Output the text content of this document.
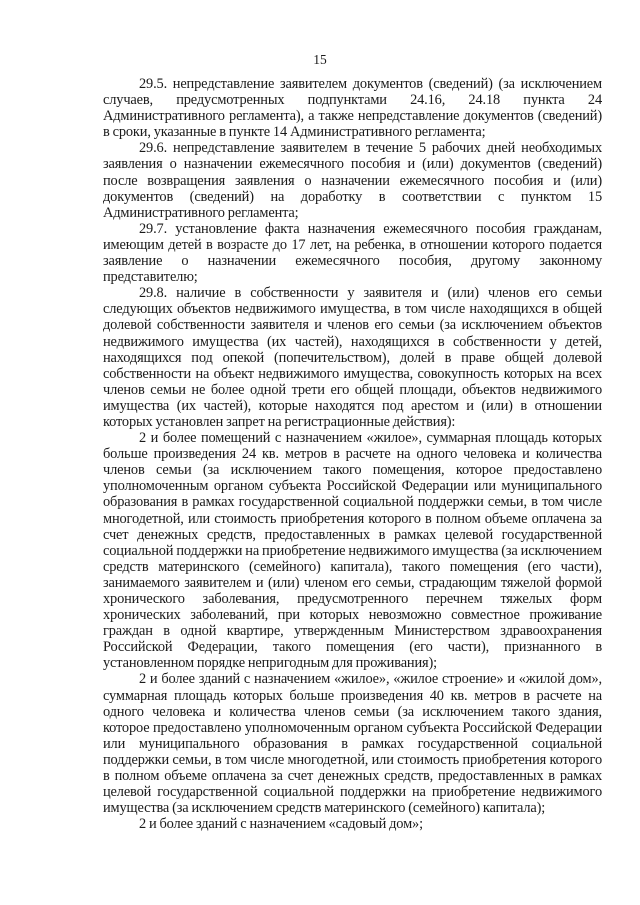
15

29.5. непредставление заявителем документов (сведений) (за исключением случаев, предусмотренных подпунктами 24.16, 24.18 пункта 24 Административного регламента), а также непредставление документов (сведений) в сроки, указанные в пункте 14 Административного регламента;

29.6. непредставление заявителем в течение 5 рабочих дней необходимых заявления о назначении ежемесячного пособия и (или) документов (сведений) после возвращения заявления о назначении ежемесячного пособия и (или) документов (сведений) на доработку в соответствии с пунктом 15 Административного регламента;

29.7. установление факта назначения ежемесячного пособия гражданам, имеющим детей в возрасте до 17 лет, на ребенка, в отношении которого подается заявление о назначении ежемесячного пособия, другому законному представителю;

29.8. наличие в собственности у заявителя и (или) членов его семьи следующих объектов недвижимого имущества, в том числе находящихся в общей долевой собственности заявителя и членов его семьи (за исключением объектов недвижимого имущества (их частей), находящихся в собственности у детей, находящихся под опекой (попечительством), долей в праве общей долевой собственности на объект недвижимого имущества, совокупность которых на всех членов семьи не более одной трети его общей площади, объектов недвижимого имущества (их частей), которые находятся под арестом и (или) в отношении которых установлен запрет на регистрационные действия):

2 и более помещений с назначением «жилое», суммарная площадь которых больше произведения 24 кв. метров в расчете на одного человека и количества членов семьи (за исключением такого помещения, которое предоставлено уполномоченным органом субъекта Российской Федерации или муниципального образования в рамках государственной социальной поддержки семьи, в том числе многодетной, или стоимость приобретения которого в полном объеме оплачена за счет денежных средств, предоставленных в рамках целевой государственной социальной поддержки на приобретение недвижимого имущества (за исключением средств материнского (семейного) капитала), такого помещения (его части), занимаемого заявителем и (или) членом его семьи, страдающим тяжелой формой хронического заболевания, предусмотренного перечнем тяжелых форм хронических заболеваний, при которых невозможно совместное проживание граждан в одной квартире, утвержденным Министерством здравоохранения Российской Федерации, такого помещения (его части), признанного в установленном порядке непригодным для проживания);

2 и более зданий с назначением «жилое», «жилое строение» и «жилой дом», суммарная площадь которых больше произведения 40 кв. метров в расчете на одного человека и количества членов семьи (за исключением такого здания, которое предоставлено уполномоченным органом субъекта Российской Федерации или муниципального образования в рамках государственной социальной поддержки семьи, в том числе многодетной, или стоимость приобретения которого в полном объеме оплачена за счет денежных средств, предоставленных в рамках целевой государственной социальной поддержки на приобретение недвижимого имущества (за исключением средств материнского (семейного) капитала);

2 и более зданий с назначением «садовый дом»;
